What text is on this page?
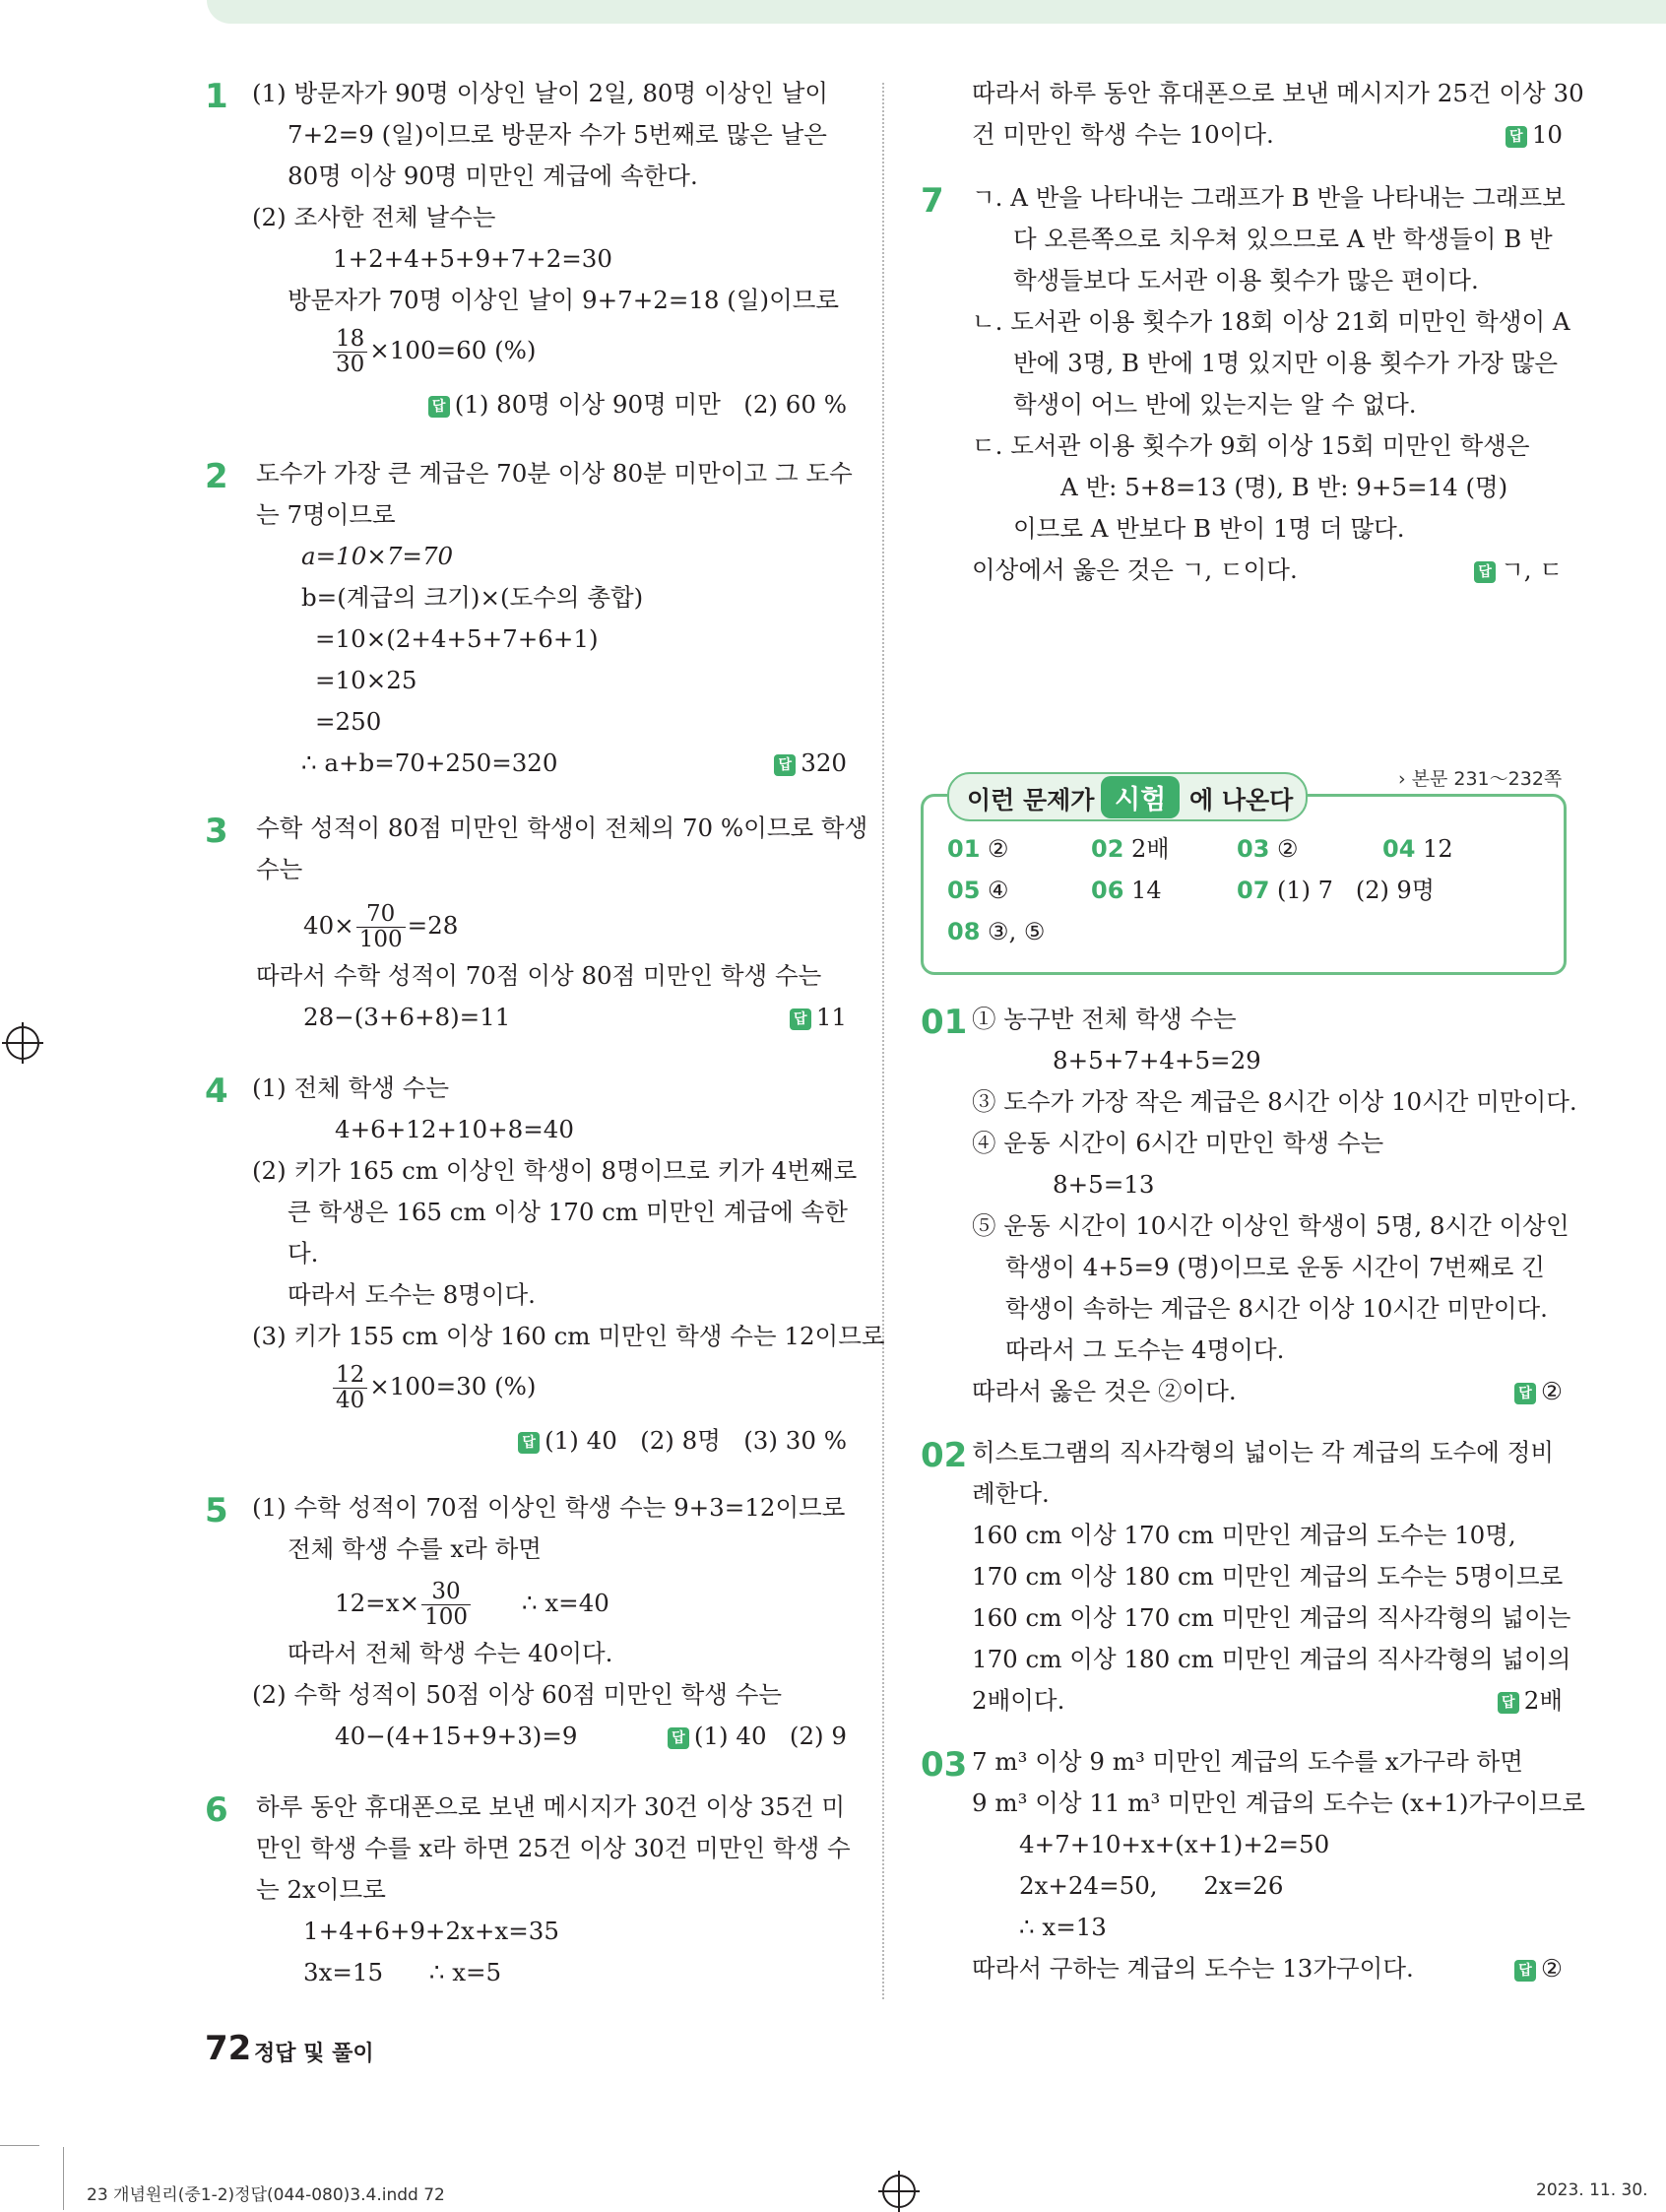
1 (1) 방문자가 90명 이상인 날이 2일, 80명 이상인 날이
7+2=9 (일)이므로 방문자 수가 5번째로 많은 날은
80명 이상 90명 미만인 계급에 속한다.
(2) 조사한 전체 날수는
1+2+4+5+9+7+2=30
방문자가 70명 이상인 날이 9+7+2=18 (일)이므로
$\frac{18}{30} \times 100=60$ (%)
답 (1) 80명 이상 90명 미만   (2) 60 %
2 도수가 가장 큰 계급은 70분 이상 80분 미만이고 그 도수
는 7명이므로
a=10×7=70
b=(계급의 크기)×(도수의 총합)
=10×(2+4+5+7+6+1)
=10×25
=250
∴ a+b=70+250=320	답 320
3 수학 성적이 80점 미만인 학생이 전체의 70 %이므로 학생
수는
$40\times \frac{70}{100} =28$
따라서 수학 성적이 70점 이상 80점 미만인 학생 수는
28−(3+6+8)=11	답 11
4 (1) 전체 학생 수는
4+6+12+10+8=40
(2) 키가 165 cm 이상인 학생이 8명이므로 키가 4번째로
큰 학생은 165 cm 이상 170 cm 미만인 계급에 속한
다.
따라서 도수는 8명이다.
(3) 키가 155 cm 이상 160 cm 미만인 학생 수는 12이므로
$\frac{12}{40} \times 100=30$ (%)
답 (1) 40   (2) 8명   (3) 30 %
5 (1) 수학 성적이 70점 이상인 학생 수는 9+3=12이므로
전체 학생 수를 x라 하면
$12=x\times \frac{30}{100}$ ∴ x=40
따라서 전체 학생 수는 40이다.
(2) 수학 성적이 50점 이상 60점 미만인 학생 수는
40−(4+15+9+3)=9	답 (1) 40   (2) 9
6 하루 동안 휴대폰으로 보낸 메시지가 30건 이상 35건 미
만인 학생 수를 x라 하면 25건 이상 30건 미만인 학생 수
는 2x이므로
1+4+6+9+2x+x=35
3x=15      ∴ x=5
따라서 하루 동안 휴대폰으로 보낸 메시지가 25건 이상 30
건 미만인 학생 수는 10이다.	답 10
7 ㄱ. A 반을 나타내는 그래프가 B 반을 나타내는 그래프보
다 오른쪽으로 치우쳐 있으므로 A 반 학생들이 B 반
학생들보다 도서관 이용 횟수가 많은 편이다.
ㄴ. 도서관 이용 횟수가 18회 이상 21회 미만인 학생이 A
반에 3명, B 반에 1명 있지만 이용 횟수가 가장 많은
학생이 어느 반에 있는지는 알 수 없다.
ㄷ. 도서관 이용 횟수가 9회 이상 15회 미만인 학생은
A 반: 5+8=13 (명), B 반: 9+5=14 (명)
이므로 A 반보다 B 반이 1명 더 많다.
이상에서 옳은 것은 ㄱ, ㄷ이다.	답 ㄱ, ㄷ
› 본문 231～232쪽
01 ②	02 2배	03 ②	04 12
05 ④	06 14	07 (1) 7   (2) 9명
08 ③, ⑤
이런 문제가 시험 에 나온다
01 ① 농구반 전체 학생 수는
8+5+7+4+5=29
③ 도수가 가장 작은 계급은 8시간 이상 10시간 미만이다.
④ 운동 시간이 6시간 미만인 학생 수는
8+5=13
⑤ 운동 시간이 10시간 이상인 학생이 5명, 8시간 이상인
학생이 4+5=9 (명)이므로 운동 시간이 7번째로 긴
학생이 속하는 계급은 8시간 이상 10시간 미만이다.
따라서 그 도수는 4명이다.
따라서 옳은 것은 ②이다.	답 ②
02 히스토그램의 직사각형의 넓이는 각 계급의 도수에 정비
례한다.
160 cm 이상 170 cm 미만인 계급의 도수는 10명,
170 cm 이상 180 cm 미만인 계급의 도수는 5명이므로
160 cm 이상 170 cm 미만인 계급의 직사각형의 넓이는
170 cm 이상 180 cm 미만인 계급의 직사각형의 넓이의
2배이다.	답 2배
03 7 m³ 이상 9 m³ 미만인 계급의 도수를 x가구라 하면
9 m³ 이상 11 m³ 미만인 계급의 도수는 (x+1)가구이므로
4+7+10+x+(x+1)+2=50
2x+24=50,      2x=26
∴ x=13
따라서 구하는 계급의 도수는 13가구이다.	답 ②
72 정답 및 풀이
23 개념원리(중1-2)정답(044-080)3.4.indd 72	2023. 11. 30.
